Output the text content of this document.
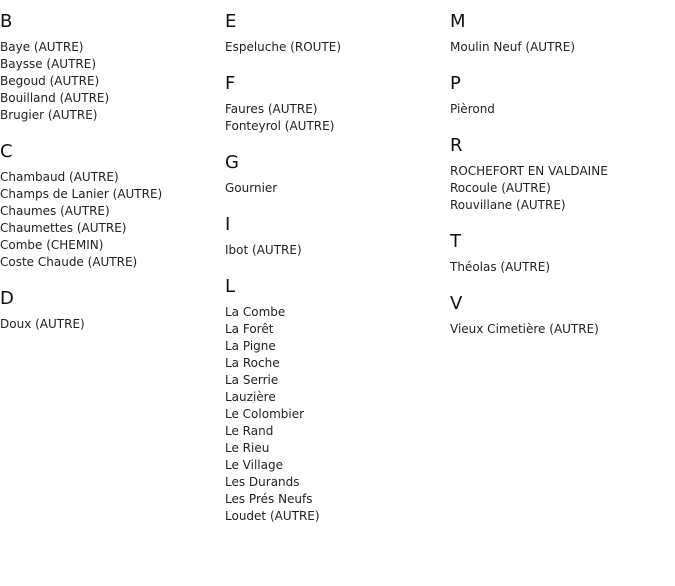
B
Baye (AUTRE)
Baysse (AUTRE)
Begoud (AUTRE)
Bouilland (AUTRE)
Brugier (AUTRE)
C
Chambaud (AUTRE)
Champs de Lanier (AUTRE)
Chaumes (AUTRE)
Chaumettes (AUTRE)
Combe (CHEMIN)
Coste Chaude (AUTRE)
D
Doux (AUTRE)
E
Espeluche (ROUTE)
F
Faures (AUTRE)
Fonteyrol (AUTRE)
G
Gournier
I
Ibot (AUTRE)
L
La Combe
La Forêt
La Pigne
La Roche
La Serrie
Lauzière
Le Colombier
Le Rand
Le Rieu
Le Village
Les Durands
Les Prés Neufs
Loudet (AUTRE)
M
Moulin Neuf (AUTRE)
P
Pièrond
R
ROCHEFORT EN VALDAINE
Rocoule (AUTRE)
Rouvillane (AUTRE)
T
Théolas (AUTRE)
V
Vieux Cimetière (AUTRE)
